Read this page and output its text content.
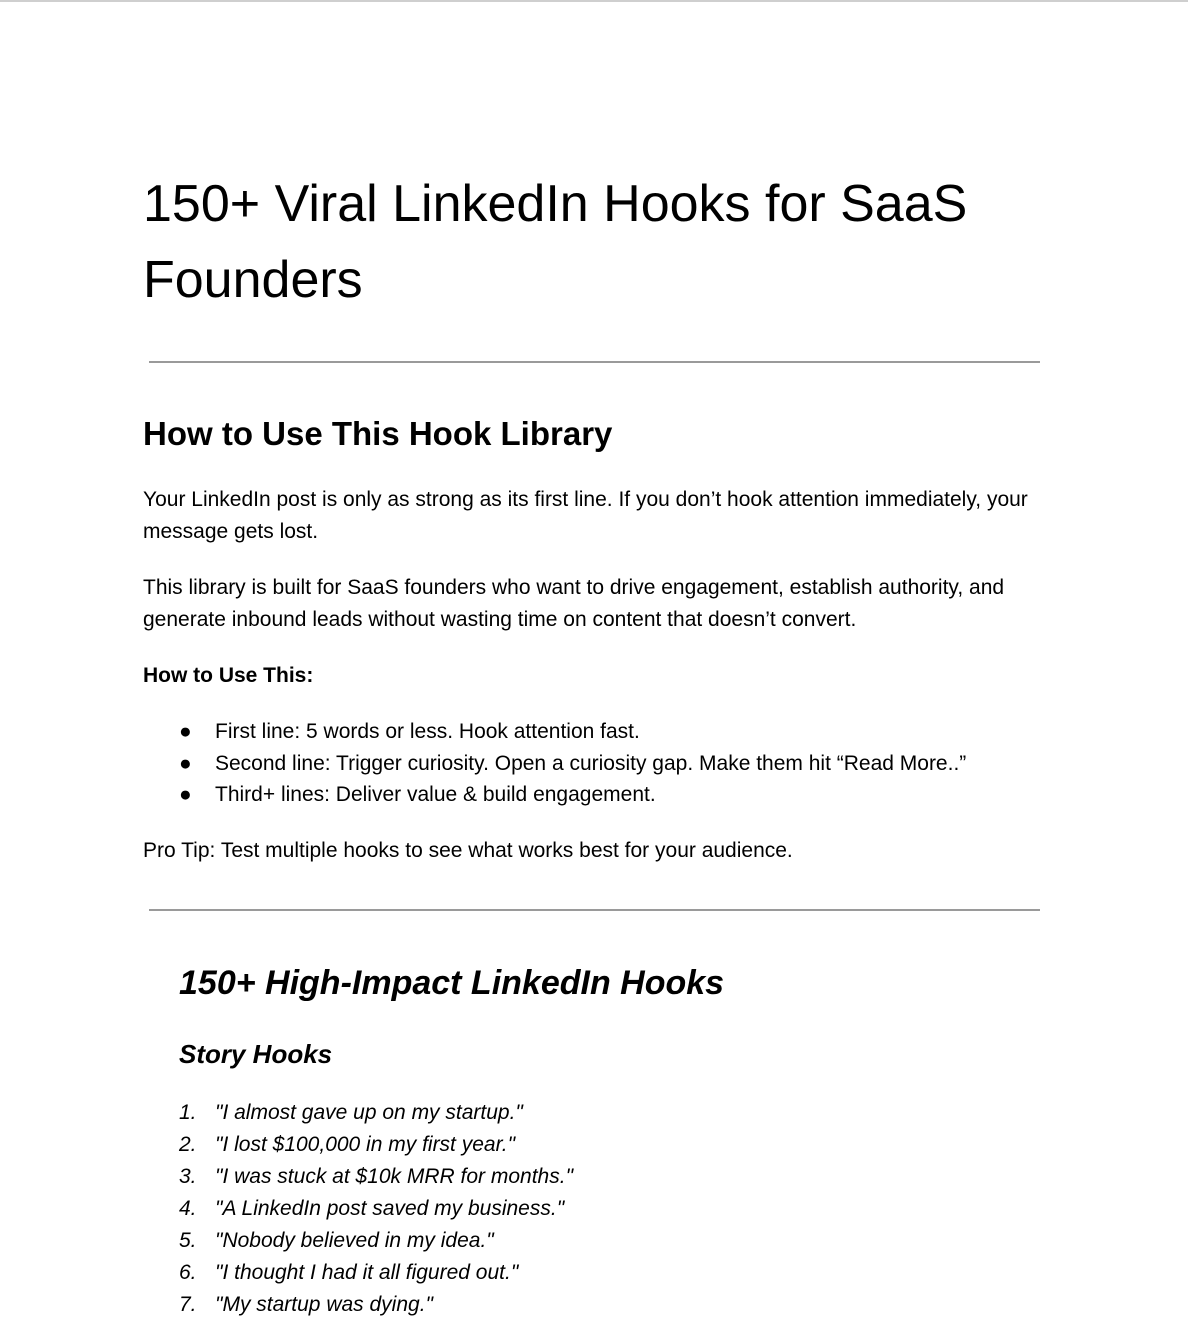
150+ Viral LinkedIn Hooks for SaaS Founders
How to Use This Hook Library

Your LinkedIn post is only as strong as its first line. If you don’t hook attention immediately, your message gets lost.

This library is built for SaaS founders who want to drive engagement, establish authority, and generate inbound leads without wasting time on content that doesn’t convert.

How to Use This:

● First line: 5 words or less. Hook attention fast.
● Second line: Trigger curiosity. Open a curiosity gap. Make them hit “Read More..”
● Third+ lines: Deliver value & build engagement.

Pro Tip: Test multiple hooks to see what works best for your audience.

150+ High-Impact LinkedIn Hooks
Story Hooks
1. "I almost gave up on my startup."
2. "I lost $100,000 in my first year."
3. "I was stuck at $10k MRR for months."
4. "A LinkedIn post saved my business."
5. "Nobody believed in my idea."
6. "I thought I had it all figured out."
7. "My startup was dying."
